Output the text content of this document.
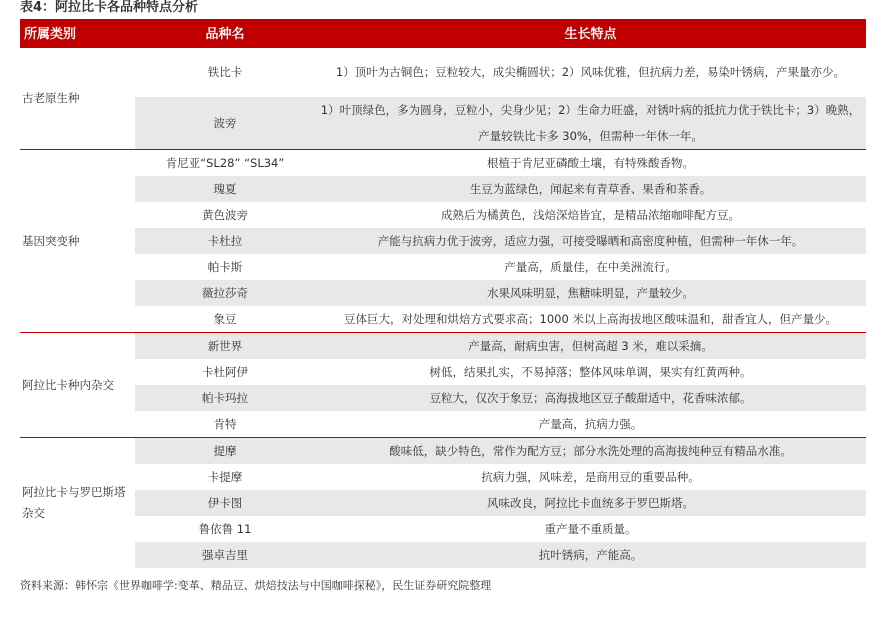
表4：阿拉比卡各品种特点分析
所属类别	品种名	生长特点
古老原生种	铁比卡	1）顶叶为古铜色；豆粒较大，成尖椭圆状；2）风味优雅，但抗病力差，易染叶锈病，产果量亦少。
	波旁	1）叶顶绿色，多为圆身，豆粒小，尖身少见；2）生命力旺盛，对锈叶病的抵抗力优于铁比卡；3）晚熟，产量较铁比卡多 30%，但需种一年休一年。
基因突变种	肯尼亚“SL28” “SL34”	根植于肯尼亚磷酸土壤，有特殊酸香物。
	瑰夏	生豆为蓝绿色，闻起来有青草香、果香和茶香。
	黄色波旁	成熟后为橘黄色，浅焙深焙皆宜，是精品浓缩咖啡配方豆。
	卡杜拉	产能与抗病力优于波旁，适应力强，可接受曝晒和高密度种植，但需种一年休一年。
	帕卡斯	产量高，质量佳，在中美洲流行。
	薇拉莎奇	水果风味明显，焦糖味明显，产量较少。
	象豆	豆体巨大，对处理和烘焙方式要求高；1000 米以上高海拔地区酸味温和，甜香宜人，但产量少。
阿拉比卡种内杂交	新世界	产量高，耐病虫害，但树高超 3 米，难以采摘。
	卡杜阿伊	树低，结果扎实，不易掉落；整体风味单调，果实有红黄两种。
	帕卡玛拉	豆粒大，仅次于象豆；高海拔地区豆子酸甜适中，花香味浓郁。
	肯特	产量高，抗病力强。
阿拉比卡与罗巴斯塔杂交	提摩	酸味低，缺少特色，常作为配方豆；部分水洗处理的高海拔纯种豆有精品水准。
	卡提摩	抗病力强，风味差，是商用豆的重要品种。
	伊卡图	风味改良，阿拉比卡血统多于罗巴斯塔。
	鲁依鲁 11	重产量不重质量。
	强卓吉里	抗叶锈病，产能高。
资料来源：韩怀宗《世界咖啡学:变革、精品豆、烘焙技法与中国咖啡探秘》，民生证券研究院整理
